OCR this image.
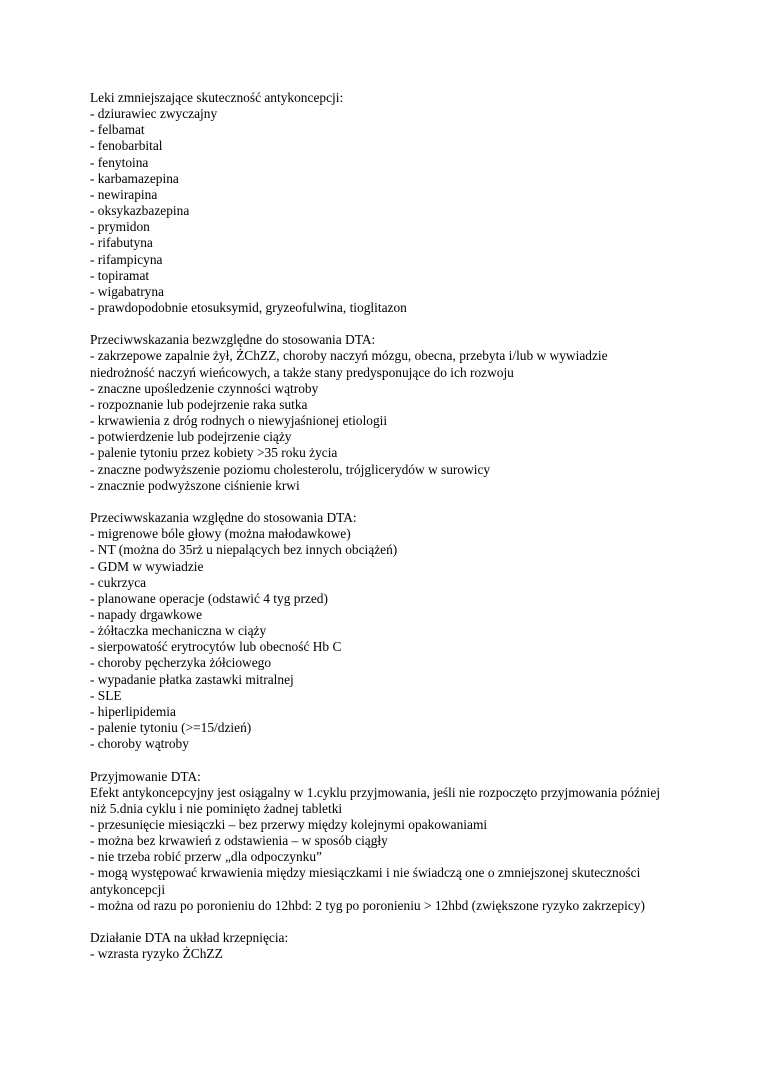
Leki zmniejszające skuteczność antykoncepcji:

- dziurawiec zwyczajny

- felbamat

- fenobarbital

- fenytoina

- karbamazepina

- newirapina

- oksykazbazepina

- prymidon

- rifabutyna

- rifampicyna

- topiramat

- wigabatryna

- prawdopodobnie etosuksymid, gryzeofulwina, tioglitazon

Przeciwwskazania bezwzględne do stosowania DTA:

- zakrzepowe zapalnie żył, ŻChZZ, choroby naczyń mózgu, obecna, przebyta i/lub w wywiadzie niedrożność naczyń wieńcowych, a także stany predysponujące do ich rozwoju

- znaczne upośledzenie czynności wątroby

- rozpoznanie lub podejrzenie raka sutka

- krwawienia z dróg rodnych o niewyjaśnionej etiologii

- potwierdzenie lub podejrzenie ciąży

- palenie tytoniu przez kobiety >35 roku życia

- znaczne podwyższenie poziomu cholesterolu, trójglicerydów w surowicy

- znacznie podwyższone ciśnienie krwi

Przeciwwskazania względne do stosowania DTA:

- migrenowe bóle głowy (można małodawkowe)

- NT (można do 35rż u niepalących bez innych obciążeń)

- GDM w wywiadzie

- cukrzyca

- planowane operacje (odstawić 4 tyg przed)

- napady drgawkowe

- żółtaczka mechaniczna w ciąży

- sierpowatość erytrocytów lub obecność Hb C

- choroby pęcherzyka żółciowego

- wypadanie płatka zastawki mitralnej

- SLE

- hiperlipidemia

- palenie tytoniu (>=15/dzień)

- choroby wątroby

Przyjmowanie DTA:

Efekt antykoncepcyjny jest osiągalny w 1.cyklu przyjmowania, jeśli nie rozpoczęto przyjmowania później niż 5.dnia cyklu i nie pominięto żadnej tabletki

- przesunięcie miesiączki – bez przerwy między kolejnymi opakowaniami

- można bez krwawień z odstawienia – w sposób ciągły

- nie trzeba robić przerw „dla odpoczynku”

- mogą występować krwawienia między miesiączkami i nie świadczą one o zmniejszonej skuteczności antykoncepcji

- można od razu po poronieniu do 12hbd: 2 tyg po poronieniu > 12hbd (zwiększone ryzyko zakrzepicy)

Działanie DTA na układ krzepnięcia:

- wzrasta ryzyko ŻChZZ
